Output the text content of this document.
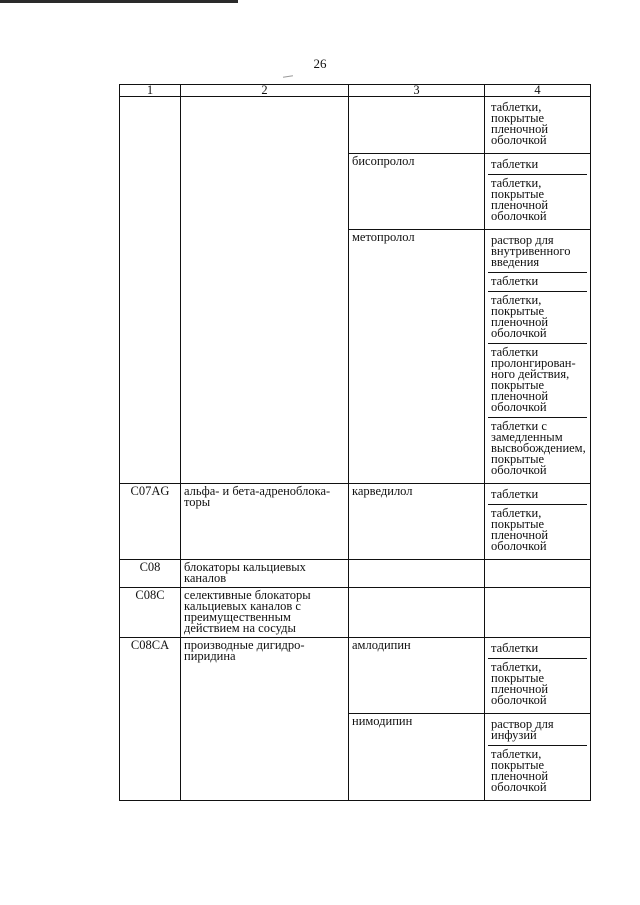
26
1	2	3	4

			таблетки, покрытые пленочной оболочкой

		бисопролол	таблетки
таблетки, покрытые пленочной оболочкой

		метопролол	раствор для внутривенного введения
таблетки
таблетки, покрытые пленочной оболочкой
таблетки пролонгирован-ного действия, покрытые пленочной оболочкой
таблетки с замедленным высвобождением, покрытые оболочкой

C07AG	альфа- и бета-адреноблока-торы	карведилол	таблетки
таблетки, покрытые пленочной оболочкой

C08	блокаторы кальциевых каналов		
C08C	селективные блокаторы кальциевых каналов с преимущественным действием на сосуды		
C08CA	производные дигидро-пиридина	амлодипин	таблетки
таблетки, покрытые пленочной оболочкой

		нимодипин	раствор для инфузий
таблетки, покрытые пленочной оболочкой
